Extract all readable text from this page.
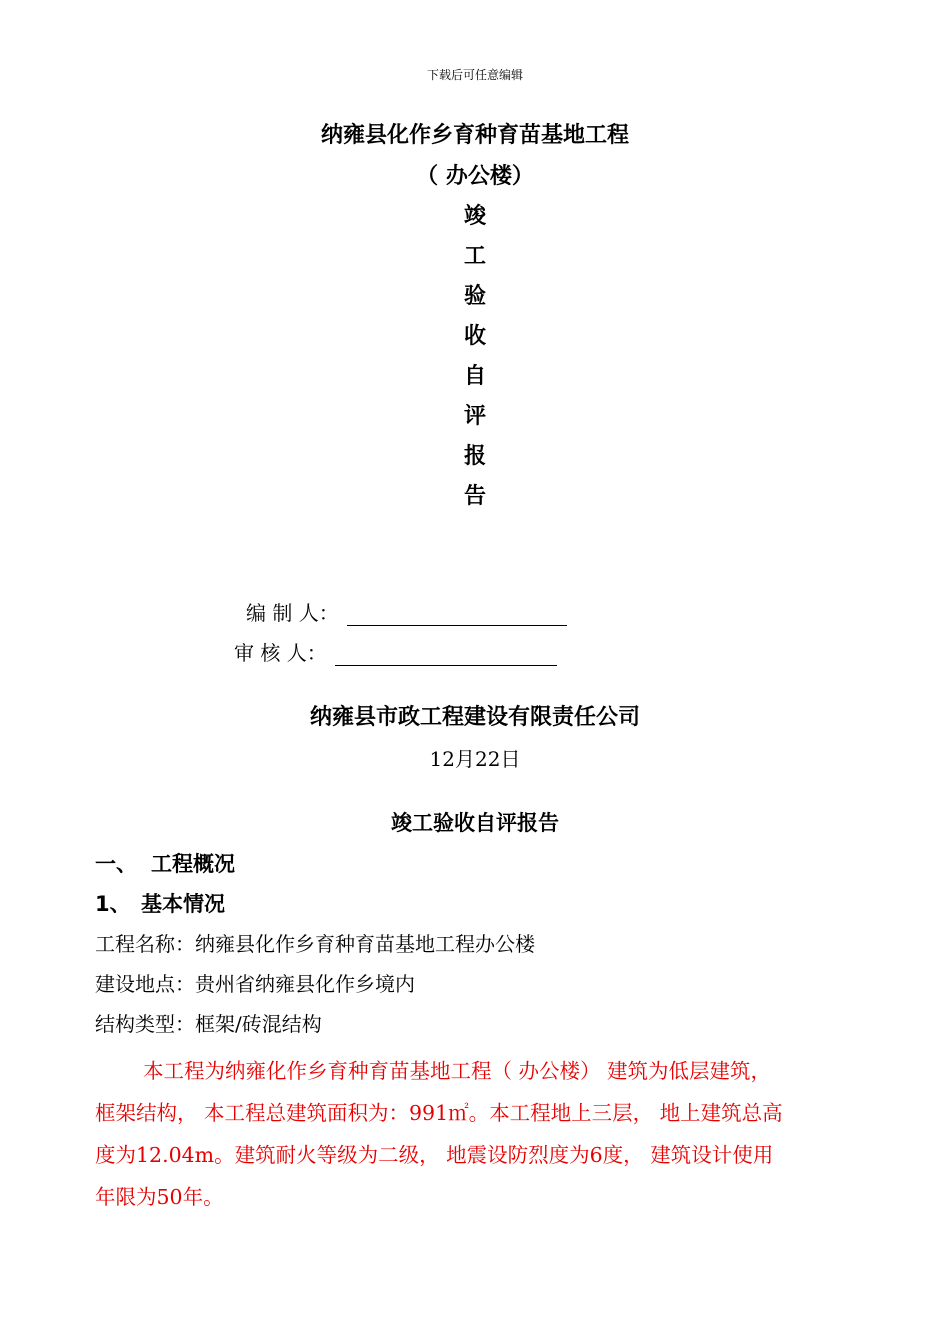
下载后可任意编辑
纳雍县化作乡育种育苗基地工程
（ 办公楼）
竣
工
验
收
自
评
报
告
编 制 人：
审 核 人：
纳雍县市政工程建设有限责任公司
12月22日
竣工验收自评报告
一、 工程概况
1、 基本情况
工程名称：纳雍县化作乡育种育苗基地工程办公楼
建设地点：贵州省纳雍县化作乡境内
结构类型：框架/砖混结构
本工程为纳雍化作乡育种育苗基地工程（ 办公楼） 建筑为低层建筑，
框架结构， 本工程总建筑面积为：991㎡。本工程地上三层， 地上建筑总高
度为12.04m。建筑耐火等级为二级， 地震设防烈度为6度， 建筑设计使用
年限为50年。
